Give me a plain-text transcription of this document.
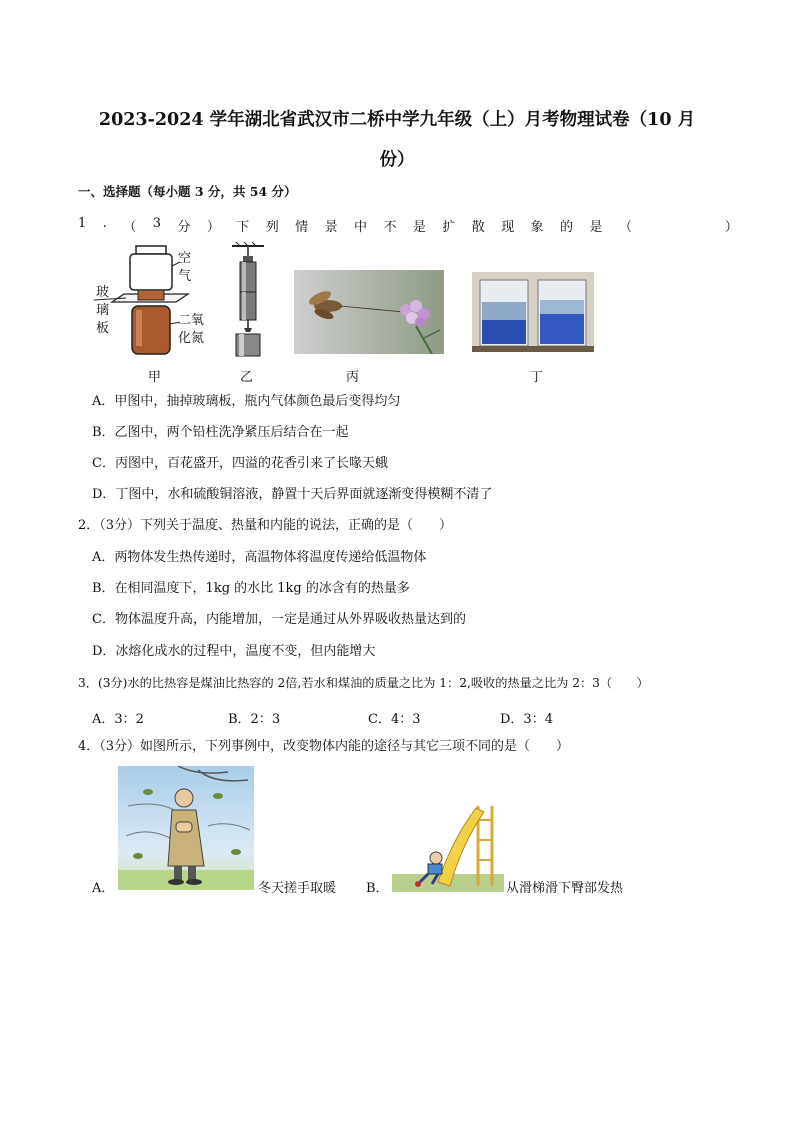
2023-2024 学年湖北省武汉市二桥中学九年级（上）月考物理试卷（10 月
份）
一、选择题（每小题 3 分，共 54 分）
1 . （ 3 分 ） 下 列 情 景 中 不 是 扩 散 现 象 的 是 （	）
空
气
玻
璃
板
二氧
化氮
甲	乙	丙	丁
A．甲图中，抽掉玻璃板，瓶内气体颜色最后变得均匀
B．乙图中，两个铅柱洗净紧压后结合在一起
C．丙图中，百花盛开，四溢的花香引来了长喙天蛾
D．丁图中，水和硫酸铜溶液，静置十天后界面就逐渐变得模糊不清了
2．（3分）下列关于温度、热量和内能的说法，正确的是（　　）
A．两物体发生热传递时，高温物体将温度传递给低温物体
B．在相同温度下，1kg 的水比 1kg 的冰含有的热量多
C．物体温度升高，内能增加，一定是通过从外界吸收热量达到的
D．冰熔化成水的过程中，温度不变，但内能增大
3．(3分)水的比热容是煤油比热容的 2倍,若水和煤油的质量之比为 1：2,吸收的热量之比为 2：3（　　）
A．3：2	B．2：3	C．4：3	D．3：4
4．（3分）如图所示，下列事例中，改变物体内能的途径与其它三项不同的是（　　）
A．	冬天搓手取暖 B．	从滑梯滑下臀部发热
